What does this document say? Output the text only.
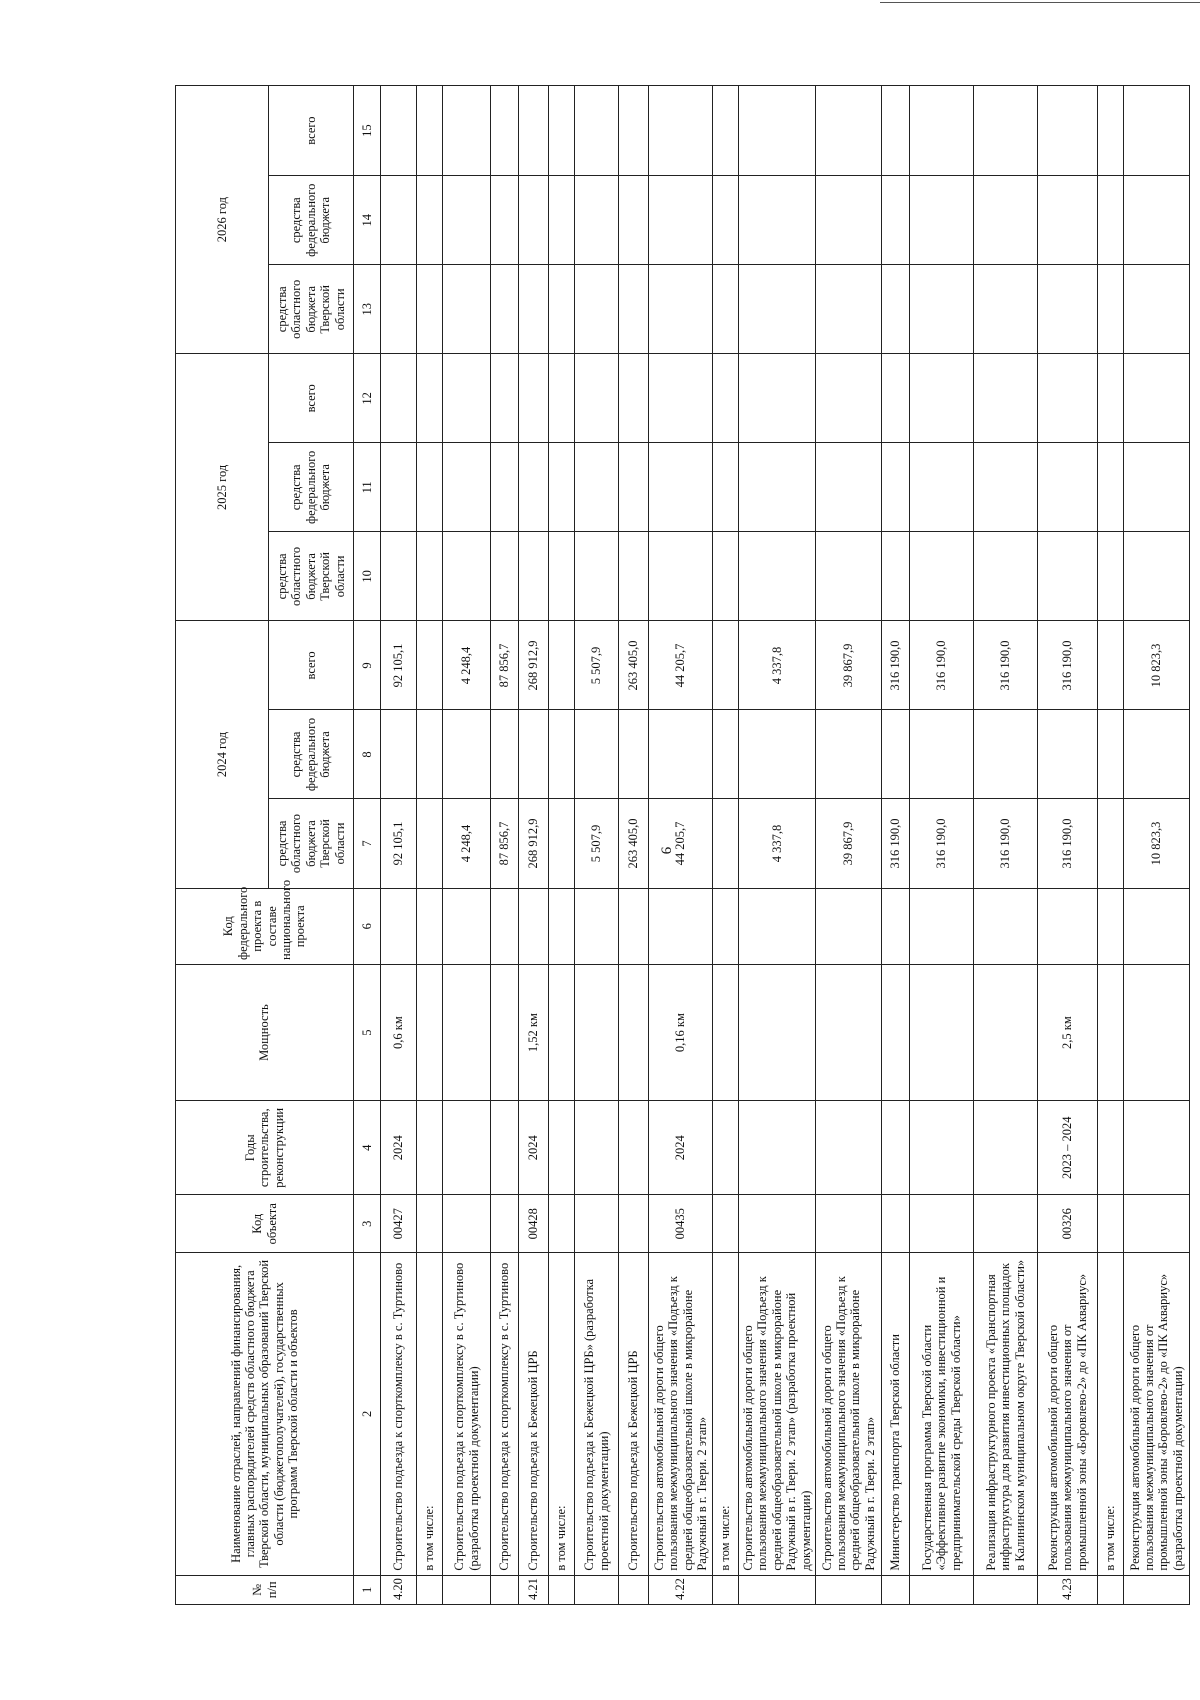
9
№ п/п	Наименование отраслей, направлений финансирования, главных распорядителей средств областного бюджета Тверской области, муниципальных образований Тверской области (бюджетополучателей), государственных программ Тверской области и объектов	Код объекта	Годы строительства, реконструкции	Мощность	Код федерального проекта в составе национального проекта	2024 год			2025 год			2026 год		
						средства областного бюджета Тверской области	средства федерального бюджета	всего	средства областного бюджета Тверской области	средства федерального бюджета	всего	средства областного бюджета Тверской области	средства федерального бюджета	всего
1	2	3	4	5	6	7	8	9	10	11	12	13	14	15
4.20	Строительство подъезда к спорткомплексу в с. Туртиново	00427	2024	0,6 км		92 105,1		92 105,1						
	в том числе:													
	Строительство подъезда к спорткомплексу в с. Туртиново (разработка проектной документации)					4 248,4		4 248,4						
	Строительство подъезда к спорткомплексу в с. Туртиново					87 856,7		87 856,7						
4.21	Строительство подъезда к Бежецкой ЦРБ	00428	2024	1,52 км		268 912,9		268 912,9						
	в том числе:													
	Строительство подъезда к Бежецкой ЦРБ» (разработка проектной документации)					5 507,9		5 507,9						
	Строительство подъезда к Бежецкой ЦРБ					263 405,0		263 405,0						
4.22	Строительство автомобильной дороги общего пользования межмуниципального значения «Подъезд к средней общеобразовательной школе в микрорайоне Радужный в г. Твери. 2 этап»	00435	2024	0,16 км		44 205,7		44 205,7						
	в том числе:													
	Строительство автомобильной дороги общего пользования межмуниципального значения «Подъезд к средней общеобразовательной школе в микрорайоне Радужный в г. Твери. 2 этап» (разработка проектной документации)					4 337,8		4 337,8						
	Строительство автомобильной дороги общего пользования межмуниципального значения «Подъезд к средней общеобразовательной школе в микрорайоне Радужный в г. Твери. 2 этап»					39 867,9		39 867,9						
	Министерство транспорта Тверской области					316 190,0		316 190,0						
	Государственная программа Тверской области «Эффективное развитие экономики, инвестиционной и предпринимательской среды Тверской области»					316 190,0		316 190,0						
	Реализация инфраструктурного проекта «Транспортная инфраструктура для развития инвестиционных площадок в Калининском муниципальном округе Тверской области»					316 190,0		316 190,0						
4.23	Реконструкция автомобильной дороги общего пользования межмуниципального значения от промышленной зоны «Боровлево-2» до «ПК Аквариус»	00326	2023 – 2024	2,5 км		316 190,0		316 190,0						
	в том числе:													
	Реконструкция автомобильной дороги общего пользования межмуниципального значения от промышленной зоны «Боровлево-2» до «ПК Аквариус» (разработка проектной документации)					10 823,3		10 823,3						
